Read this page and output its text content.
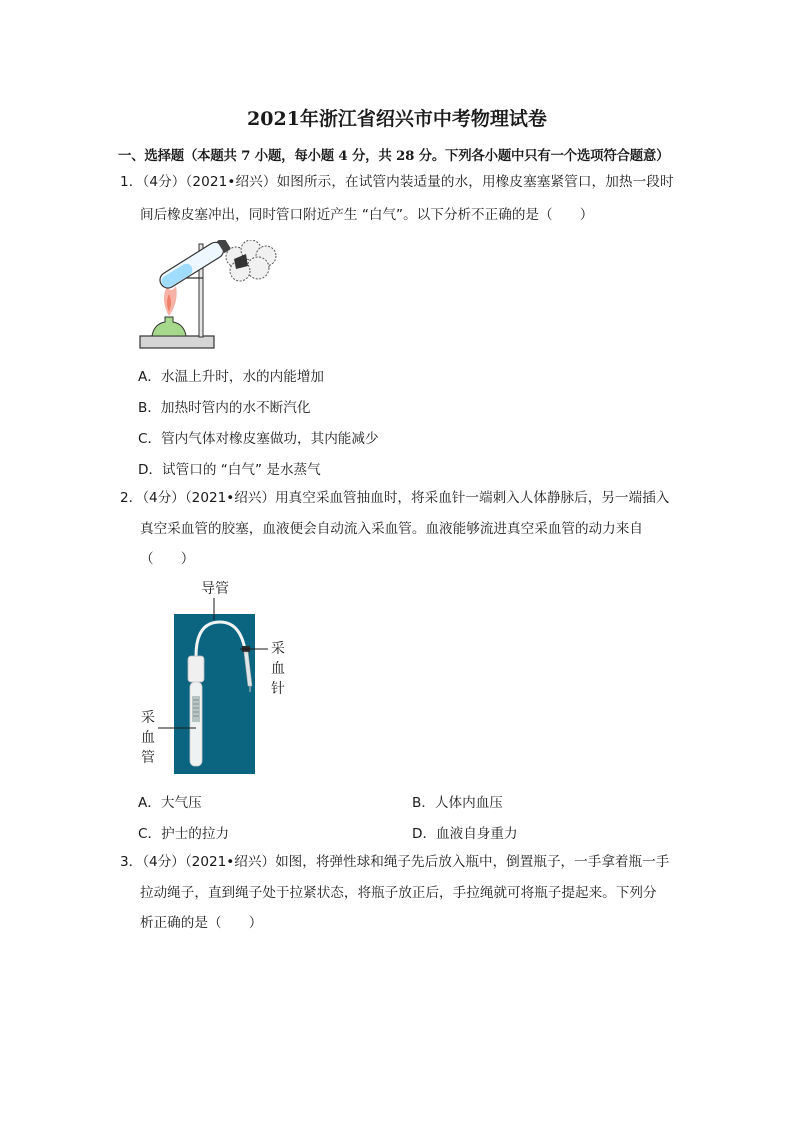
2021年浙江省绍兴市中考物理试卷
一、选择题（本题共 7 小题，每小题 4 分，共 28 分。下列各小题中只有一个选项符合题意）
1．（4分）（2021•绍兴）如图所示，在试管内装适量的水，用橡皮塞塞紧管口，加热一段时
间后橡皮塞冲出，同时管口附近产生 “白气”。以下分析不正确的是（　　）
A．水温上升时，水的内能增加
B．加热时管内的水不断汽化
C．管内气体对橡皮塞做功，其内能减少
D．试管口的 “白气” 是水蒸气
2．（4分）（2021•绍兴）用真空采血管抽血时，将采血针一端刺入人体静脉后，另一端插入
真空采血管的胶塞，血液便会自动流入采血管。血液能够流进真空采血管的动力来自
（　　）
导管
采
血
针
采
血
管
A．大气压	B．人体内血压
C．护士的拉力	D．血液自身重力
3．（4分）（2021•绍兴）如图，将弹性球和绳子先后放入瓶中，倒置瓶子，一手拿着瓶一手
拉动绳子，直到绳子处于拉紧状态，将瓶子放正后，手拉绳就可将瓶子提起来。下列分
析正确的是（　　）
